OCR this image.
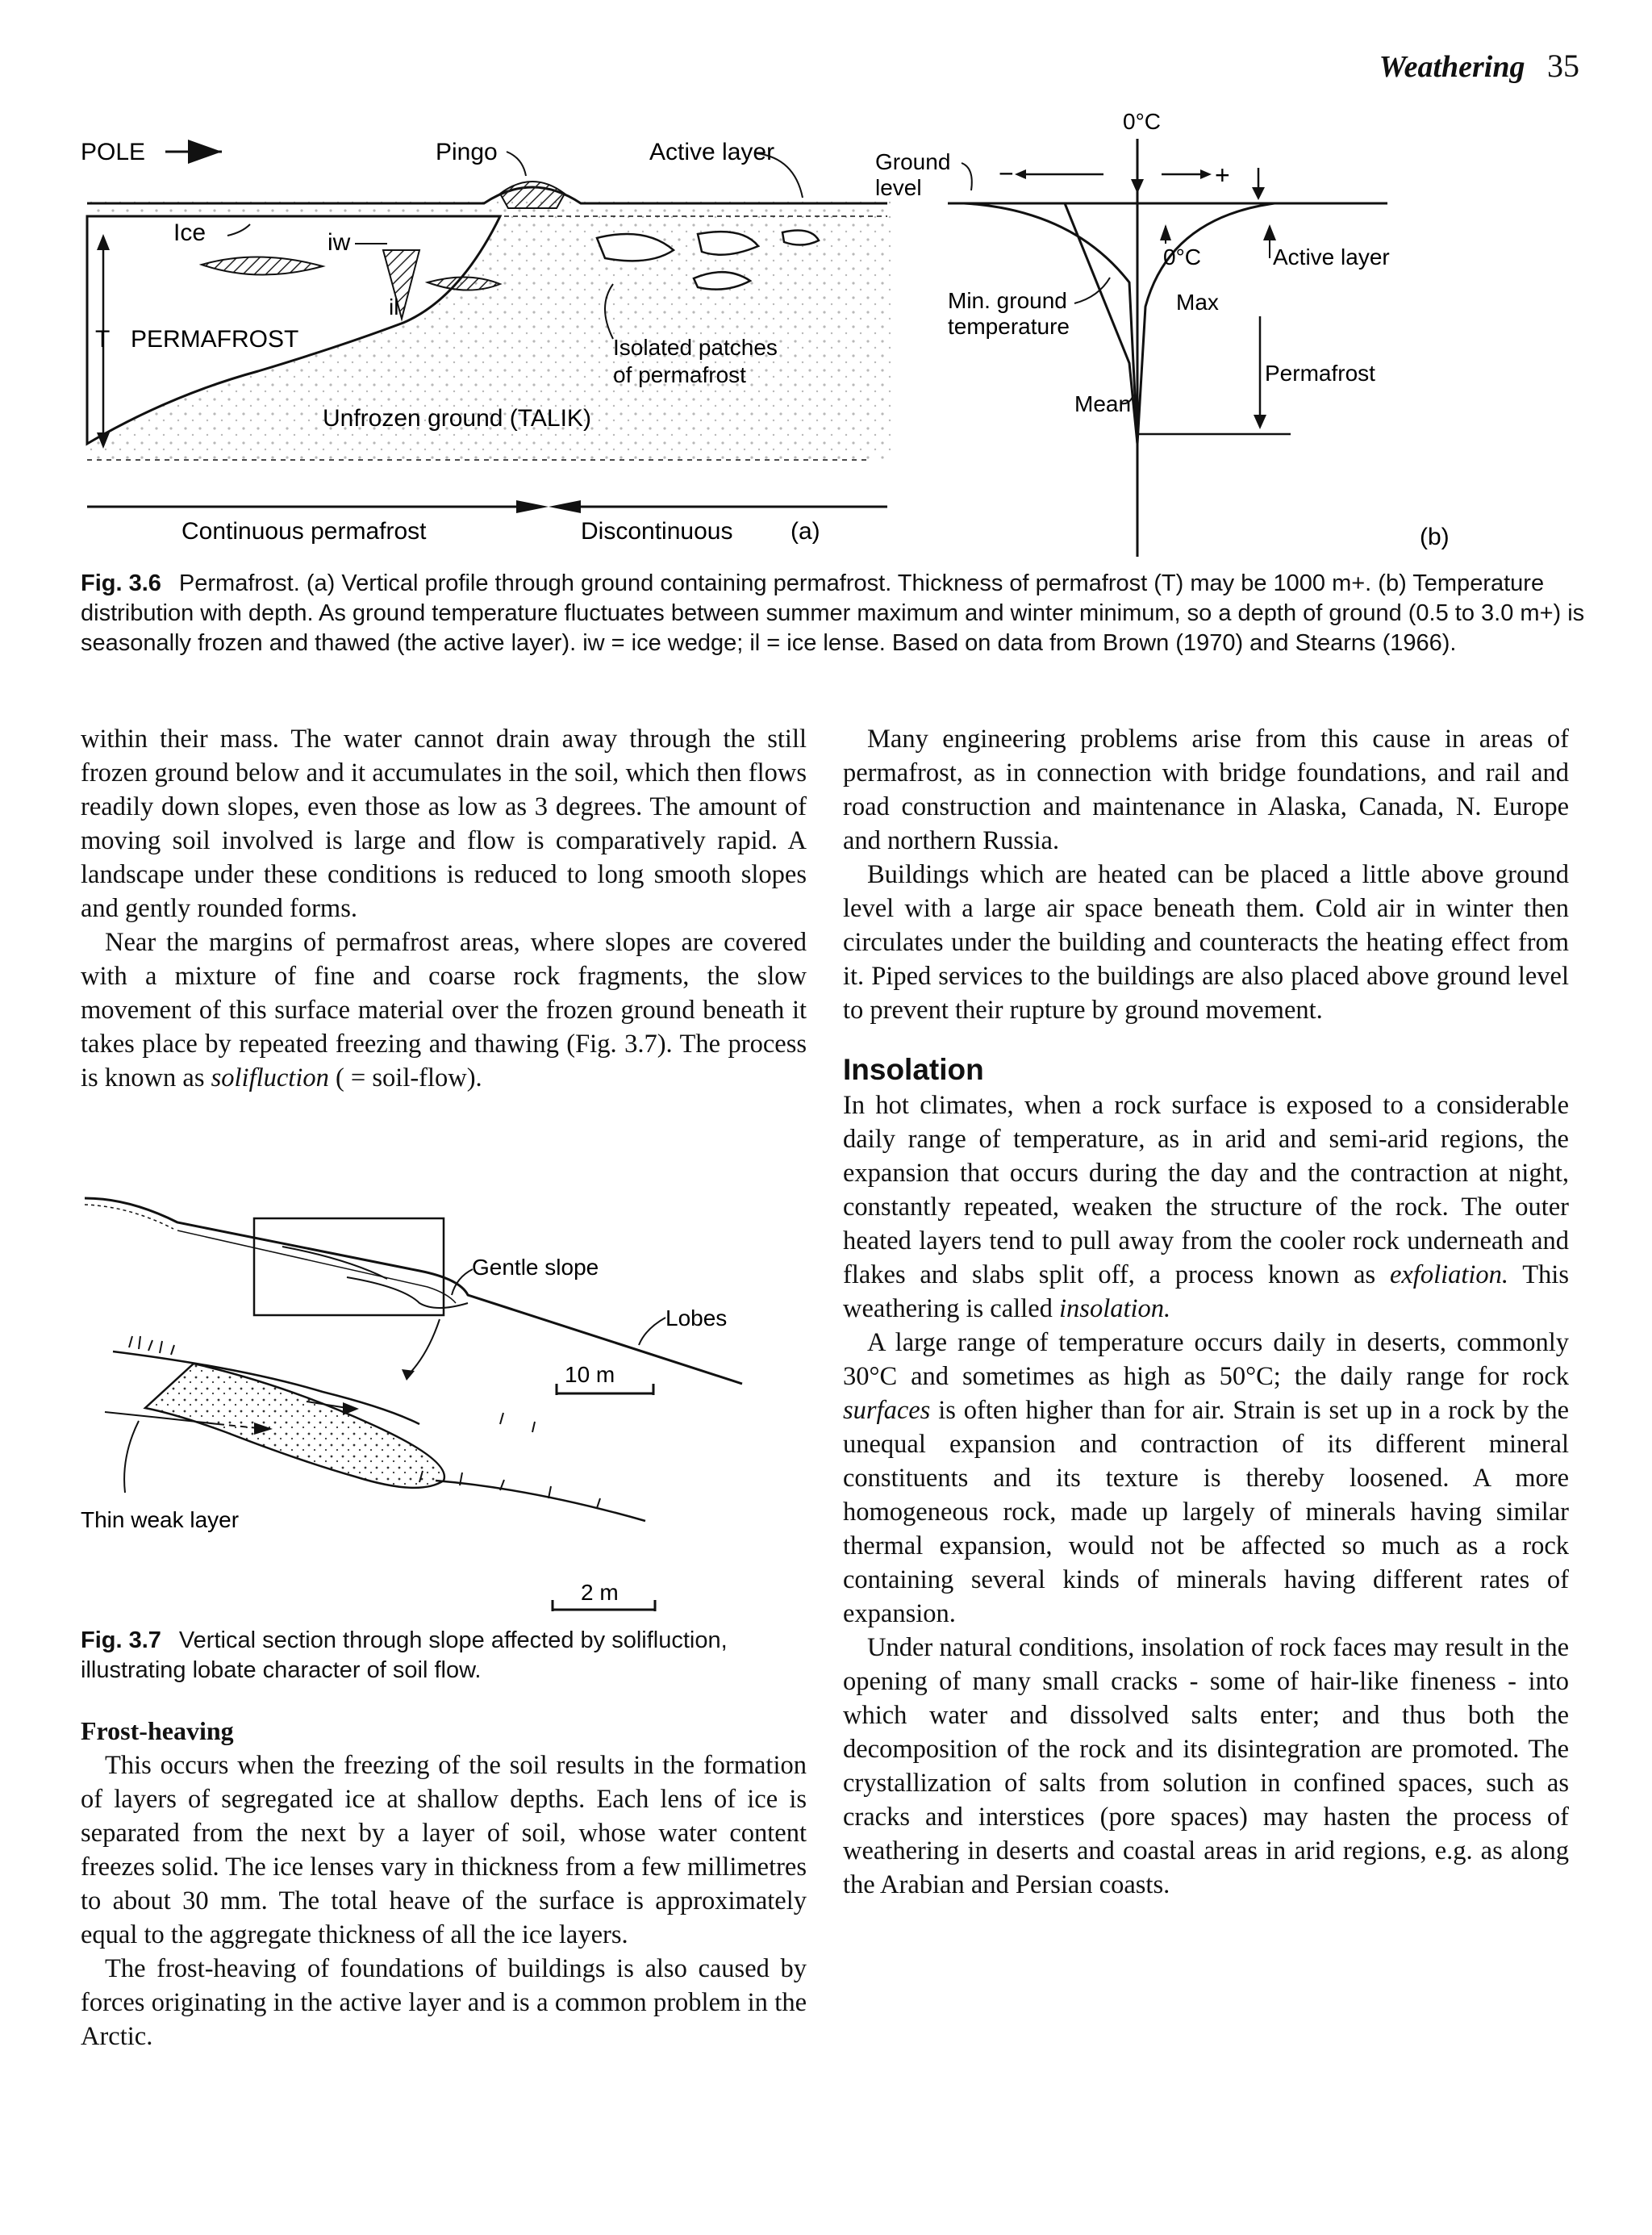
Weathering 35
POLE	Pingo	Active layer
Ice	iw
il
T PERMAFROST	Isolated patches
of permafrost
Unfrozen ground (TALIK)
Continuous permafrost	Discontinuous (a)
0°C
Ground
level	−	+
0°C	Active layer
Min. ground
temperature
Max
Mean
Permafrost
(b)
Fig. 3.6 Permafrost. (a) Vertical profile through ground containing permafrost. Thickness of permafrost (T) may be 1000 m+. (b) Temperature distribution with depth. As ground temperature fluctuates between summer maximum and winter minimum, so a depth of ground (0.5 to 3.0 m+) is seasonally frozen and thawed (the active layer). iw = ice wedge; il = ice lense. Based on data from Brown (1970) and Stearns (1966).

within their mass. The water cannot drain away through the still frozen ground below and it accumulates in the soil, which then flows readily down slopes, even those as low as 3 degrees. The amount of moving soil involved is large and flow is comparatively rapid. A landscape under these conditions is reduced to long smooth slopes and gently rounded forms.

Near the margins of permafrost areas, where slopes are covered with a mixture of fine and coarse rock fragments, the slow movement of this surface material over the frozen ground beneath it takes place by repeated freezing and thawing (Fig. 3.7). The process is known as solifluction ( = soil-flow).

Gentle slope
Lobes
10 m
Thin weak layer
2 m
Fig. 3.7 Vertical section through slope affected by solifluction, illustrating lobate character of soil flow.
Frost-heaving

This occurs when the freezing of the soil results in the formation of layers of segregated ice at shallow depths. Each lens of ice is separated from the next by a layer of soil, whose water content freezes solid. The ice lenses vary in thickness from a few millimetres to about 30 mm. The total heave of the surface is approximately equal to the aggregate thickness of all the ice layers.

The frost-heaving of foundations of buildings is also caused by forces originating in the active layer and is a common problem in the Arctic.

Many engineering problems arise from this cause in areas of permafrost, as in connection with bridge foundations, and rail and road construction and maintenance in Alaska, Canada, N. Europe and northern Russia.

Buildings which are heated can be placed a little above ground level with a large air space beneath them. Cold air in winter then circulates under the building and counteracts the heating effect from it. Piped services to the buildings are also placed above ground level to prevent their rupture by ground movement.

Insolation

In hot climates, when a rock surface is exposed to a considerable daily range of temperature, as in arid and semi-arid regions, the expansion that occurs during the day and the contraction at night, constantly repeated, weaken the structure of the rock. The outer heated layers tend to pull away from the cooler rock underneath and flakes and slabs split off, a process known as exfoliation. This weathering is called insolation.

A large range of temperature occurs daily in deserts, commonly 30°C and sometimes as high as 50°C; the daily range for rock surfaces is often higher than for air. Strain is set up in a rock by the unequal expansion and contraction of its different mineral constituents and its texture is thereby loosened. A more homogeneous rock, made up largely of minerals having similar thermal expansion, would not be affected so much as a rock containing several kinds of minerals having different rates of expansion.

Under natural conditions, insolation of rock faces may result in the opening of many small cracks - some of hair-like fineness - into which water and dissolved salts enter; and thus both the decomposition of the rock and its disintegration are promoted. The crystallization of salts from solution in confined spaces, such as cracks and interstices (pore spaces) may hasten the process of weathering in deserts and coastal areas in arid regions, e.g. as along the Arabian and Persian coasts.
